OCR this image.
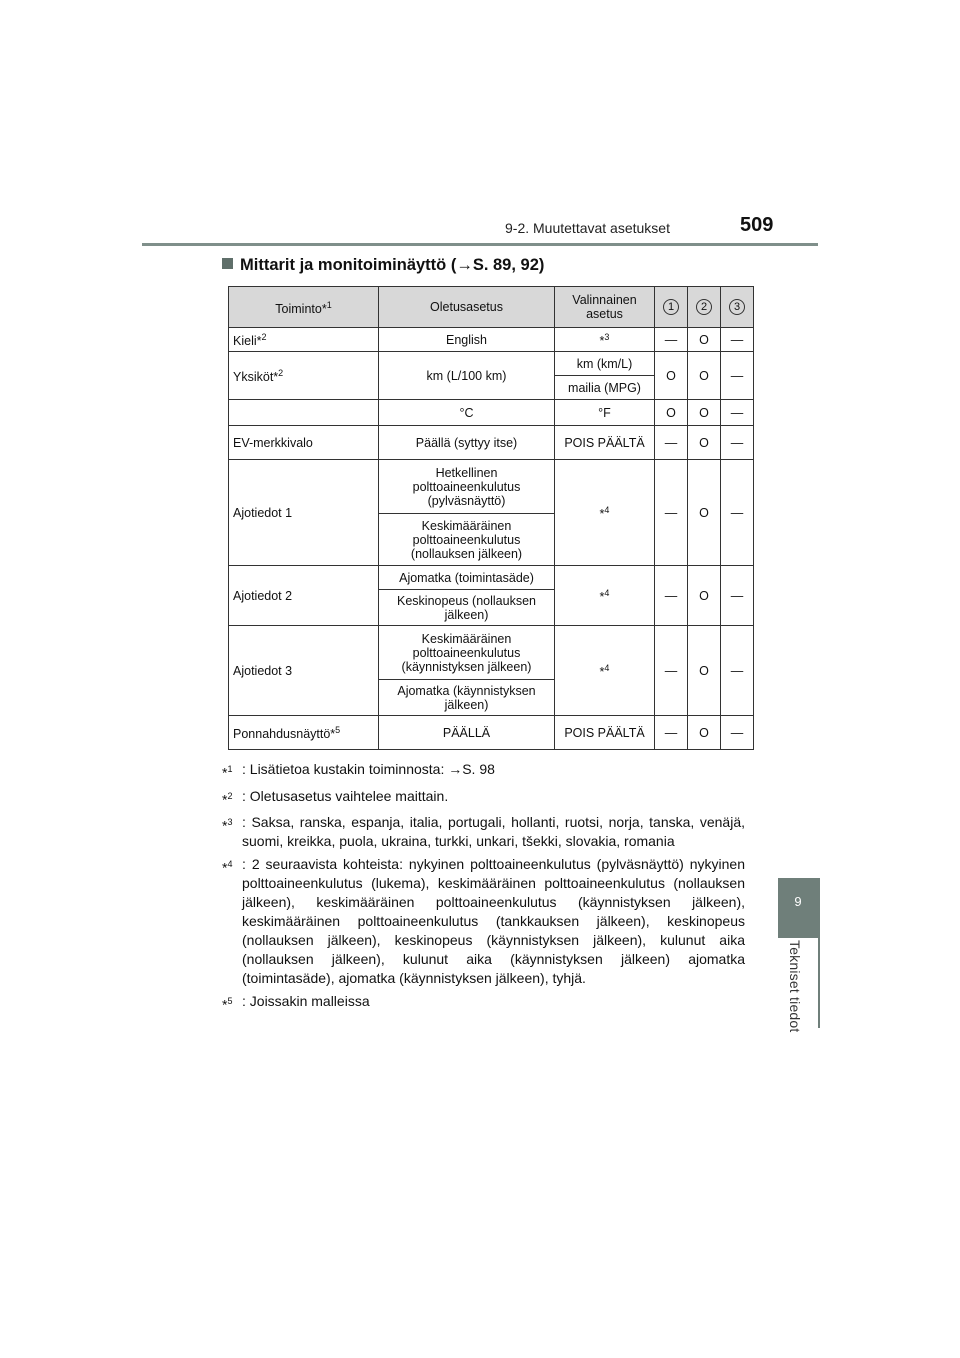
9-2. Muutettavat asetukset	509
9
Tekniset tiedot
Mittarit ja monitoiminäyttö (→S. 89, 92)
Toiminto*$^1$	Oletusasetus	Valinnainen asetus	1	2	3
Kieli*$^2$	English	*$^3$	—	O	—
Yksiköt*$^2$	km (L/100 km)	km (km/L)	O	O	—
		mailia (MPG)			
	°C	°F	O	O	—
EV-merkkivalo	Päällä (syttyy itse)	POIS PÄÄLTÄ	—	O	—
Ajotiedot 1	Hetkellinen polttoaineenkulutus (pylväsnäyttö)	*$^4$	—	O	—
	Keskimääräinen polttoaineenkulutus (nollauksen jälkeen)				
Ajotiedot 2	Ajomatka (toimintasäde)	*$^4$	—	O	—
	Keskinopeus (nollauksen jälkeen)				
Ajotiedot 3	Keskimääräinen polttoaineenkulutus (käynnistyksen jälkeen)	*$^4$	—	O	—
	Ajomatka (käynnistyksen jälkeen)				
Ponnahdusnäyttö*$^5$	PÄÄLLÄ	POIS PÄÄLTÄ	—	O	—
*$^1$ : Lisätietoa kustakin toiminnosta: →S. 98
*$^2$ : Oletusasetus vaihtelee maittain.
*$^3$ : Saksa, ranska, espanja, italia, portugali, hollanti, ruotsi, norja, tanska, venäjä, suomi, kreikka, puola, ukraina, turkki, unkari, tšekki, slovakia, romania
*$^4$ : 2 seuraavista kohteista: nykyinen polttoaineenkulutus (pylväsnäyttö) nykyinen polttoaineenkulutus (lukema), keskimääräinen polttoaineenkulutus (nollauksen jälkeen), keskimääräinen polttoaineenkulutus (käynnistyksen jälkeen), keskimääräinen polttoaineenkulutus (tankkauksen jälkeen), keskinopeus (nollauksen jälkeen), keskinopeus (käynnistyksen jälkeen), kulunut aika (nollauksen jälkeen), kulunut aika (käynnistyksen jälkeen) ajomatka (toimintasäde), ajomatka (käynnistyksen jälkeen), tyhjä.
*$^5$ : Joissakin malleissa
